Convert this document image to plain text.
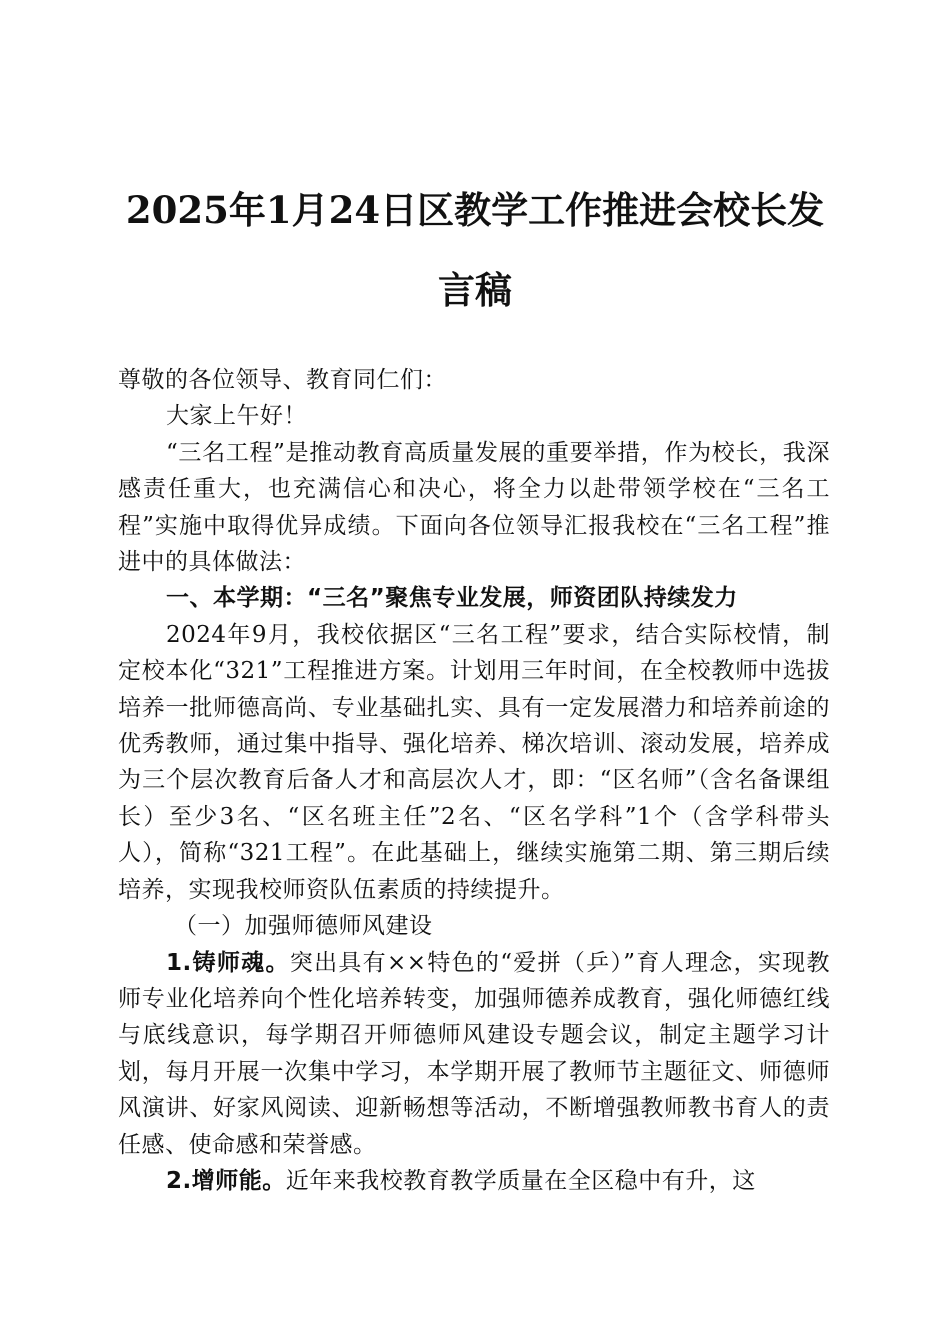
2025年1月24日区教学工作推进会校长发言稿

尊敬的各位领导、教育同仁们：

大家上午好！

“三名工程”是推动教育高质量发展的重要举措，作为校长，我深感责任重大，也充满信心和决心，将全力以赴带领学校在“三名工程”实施中取得优异成绩。下面向各位领导汇报我校在“三名工程”推进中的具体做法：

一、本学期：“三名”聚焦专业发展，师资团队持续发力

2024年9月，我校依据区“三名工程”要求，结合实际校情，制定校本化“321”工程推进方案。计划用三年时间，在全校教师中选拔培养一批师德高尚、专业基础扎实、具有一定发展潜力和培养前途的优秀教师，通过集中指导、强化培养、梯次培训、滚动发展，培养成为三个层次教育后备人才和高层次人才，即：“区名师”（含名备课组长）至少3名、“区名班主任”2名、“区名学科”1个（含学科带头人），简称“321工程”。在此基础上，继续实施第二期、第三期后续培养，实现我校师资队伍素质的持续提升。

（一）加强师德师风建设

1.铸师魂。突出具有××特色的“爱拼（乒）”育人理念，实现教师专业化培养向个性化培养转变，加强师德养成教育，强化师德红线与底线意识，每学期召开师德师风建设专题会议，制定主题学习计划，每月开展一次集中学习，本学期开展了教师节主题征文、师德师风演讲、好家风阅读、迎新畅想等活动，不断增强教师教书育人的责任感、使命感和荣誉感。

2.增师能。近年来我校教育教学质量在全区稳中有升，这
